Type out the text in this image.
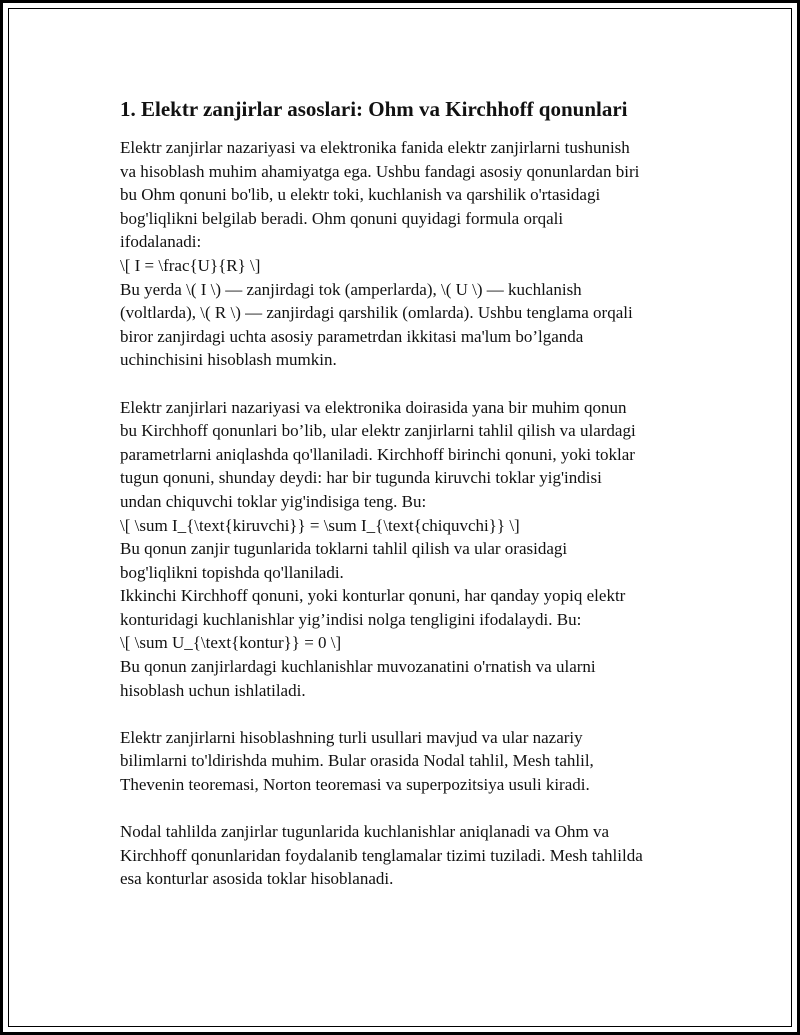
1. Elektr zanjirlar asoslari: Ohm va Kirchhoff qonunlari
Elektr zanjirlar nazariyasi va elektronika fanida elektr zanjirlarni tushunish
va hisoblash muhim ahamiyatga ega. Ushbu fandagi asosiy qonunlardan biri
bu Ohm qonuni bo'lib, u elektr toki, kuchlanish va qarshilik o'rtasidagi
bog'liqlikni belgilab beradi. Ohm qonuni quyidagi formula orqali
ifodalanadi:
\[ I = \frac{U}{R} \]
Bu yerda \( I \) — zanjirdagi tok (amperlarda), \( U \) — kuchlanish
(voltlarda), \( R \) — zanjirdagi qarshilik (omlarda). Ushbu tenglama orqali
biror zanjirdagi uchta asosiy parametrdan ikkitasi ma'lum bo’lganda
uchinchisini hisoblash mumkin.
Elektr zanjirlari nazariyasi va elektronika doirasida yana bir muhim qonun
bu Kirchhoff qonunlari bo’lib, ular elektr zanjirlarni tahlil qilish va ulardagi
parametrlarni aniqlashda qo'llaniladi. Kirchhoff birinchi qonuni, yoki toklar
tugun qonuni, shunday deydi: har bir tugunda kiruvchi toklar yig'indisi
undan chiquvchi toklar yig'indisiga teng. Bu:
\[ \sum I_{\text{kiruvchi}} = \sum I_{\text{chiquvchi}} \]
Bu qonun zanjir tugunlarida toklarni tahlil qilish va ular orasidagi
bog'liqlikni topishda qo'llaniladi.
Ikkinchi Kirchhoff qonuni, yoki konturlar qonuni, har qanday yopiq elektr
konturidagi kuchlanishlar yig’indisi nolga tengligini ifodalaydi. Bu:
\[ \sum U_{\text{kontur}} = 0 \]
Bu qonun zanjirlardagi kuchlanishlar muvozanatini o'rnatish va ularni
hisoblash uchun ishlatiladi.
Elektr zanjirlarni hisoblashning turli usullari mavjud va ular nazariy
bilimlarni to'ldirishda muhim. Bular orasida Nodal tahlil, Mesh tahlil,
Thevenin teoremasi, Norton teoremasi va superpozitsiya usuli kiradi.
Nodal tahlilda zanjirlar tugunlarida kuchlanishlar aniqlanadi va Ohm va
Kirchhoff qonunlaridan foydalanib tenglamalar tizimi tuziladi. Mesh tahlilda
esa konturlar asosida toklar hisoblanadi.
